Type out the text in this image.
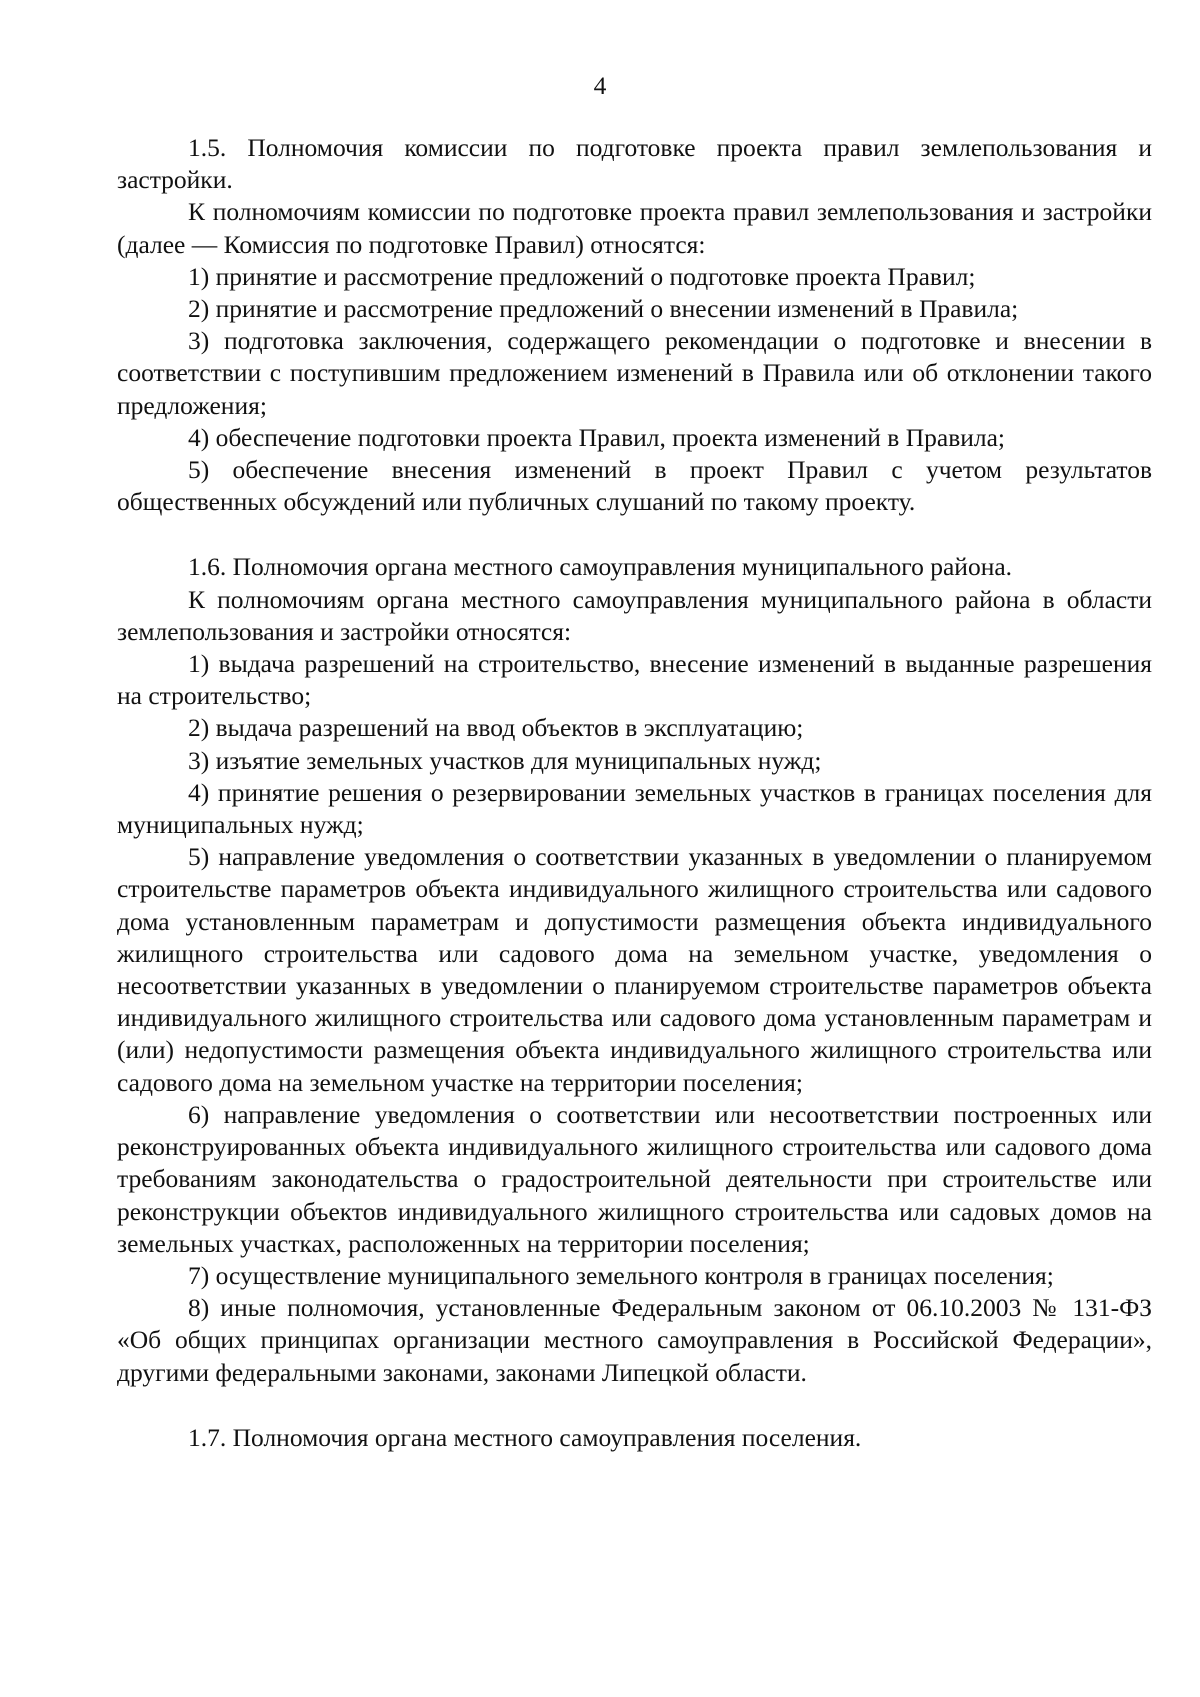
4

1.5. Полномочия комиссии по подготовке проекта правил землепользования и застройки.

К полномочиям комиссии по подготовке проекта правил землепользования и застройки (далее — Комиссия по подготовке Правил) относятся:

1) принятие и рассмотрение предложений о подготовке проекта Правил;

2) принятие и рассмотрение предложений о внесении изменений в Правила;

3) подготовка заключения, содержащего рекомендации о подготовке и внесении в соответствии с поступившим предложением изменений в Правила или об отклонении такого предложения;

4) обеспечение подготовки проекта Правил, проекта изменений в Правила;

5) обеспечение внесения изменений в проект Правил с учетом результатов общественных обсуждений или публичных слушаний по такому проекту.

1.6. Полномочия органа местного самоуправления муниципального района.

К полномочиям органа местного самоуправления муниципального района в области землепользования и застройки относятся:

1) выдача разрешений на строительство, внесение изменений в выданные разрешения на строительство;

2) выдача разрешений на ввод объектов в эксплуатацию;

3) изъятие земельных участков для муниципальных нужд;

4) принятие решения о резервировании земельных участков в границах поселения для муниципальных нужд;

5) направление уведомления о соответствии указанных в уведомлении о планируемом строительстве параметров объекта индивидуального жилищного строительства или садового дома установленным параметрам и допустимости размещения объекта индивидуального жилищного строительства или садового дома на земельном участке, уведомления о несоответствии указанных в уведомлении о планируемом строительстве параметров объекта индивидуального жилищного строительства или садового дома установленным параметрам и (или) недопустимости размещения объекта индивидуального жилищного строительства или садового дома на земельном участке на территории поселения;

6) направление уведомления о соответствии или несоответствии построенных или реконструированных объекта индивидуального жилищного строительства или садового дома требованиям законодательства о градостроительной деятельности при строительстве или реконструкции объектов индивидуального жилищного строительства или садовых домов на земельных участках, расположенных на территории поселения;

7) осуществление муниципального земельного контроля в границах поселения;

8) иные полномочия, установленные Федеральным законом от 06.10.2003 № 131-ФЗ «Об общих принципах организации местного самоуправления в Российской Федерации», другими федеральными законами, законами Липецкой области.

1.7. Полномочия органа местного самоуправления поселения.
